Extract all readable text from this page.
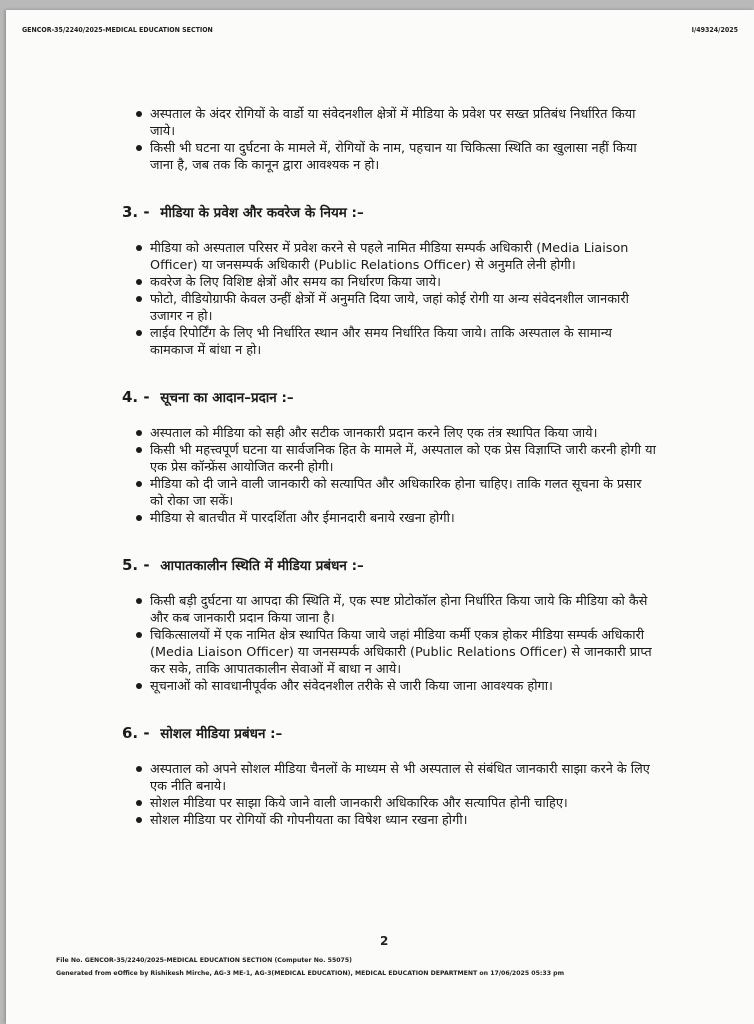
GENCOR-35/2240/2025-MEDICAL EDUCATION SECTION	I/49324/2025
अस्पताल के अंदर रोगियों के वार्डो या संवेदनशील क्षेत्रों में मीडिया के प्रवेश पर सख्त प्रतिबंध निर्धारित किया जाये।
किसी भी घटना या दुर्घटना के मामले में, रोगियों के नाम, पहचान या चिकित्सा स्थिति का खुलासा नहीं किया जाना है, जब तक कि कानून द्वारा आवश्यक न हो।
3. - मीडिया के प्रवेश और कवरेज के नियम :–
मीडिया को अस्पताल परिसर में प्रवेश करने से पहले नामित मीडिया सम्पर्क अधिकारी (Media Liaison Officer) या जनसम्पर्क अधिकारी (Public Relations Officer) से अनुमति लेनी होगी।
कवरेज के लिए विशिष्ट क्षेत्रों और समय का निर्धारण किया जाये।
फोटो, वीडियोग्राफी केवल उन्हीं क्षेत्रों में अनुमति दिया जाये, जहां कोई रोगी या अन्य संवेदनशील जानकारी उजागर न हो।
लाईव रिपोर्टिंग के लिए भी निर्धारित स्थान और समय निर्धारित किया जाये। ताकि अस्पताल के सामान्य कामकाज में बांधा न हो।
4. - सूचना का आदान–प्रदान :–
अस्पताल को मीडिया को सही और सटीक जानकारी प्रदान करने लिए एक तंत्र स्थापित किया जाये।
किसी भी महत्त्वपूर्ण घटना या सार्वजनिक हित के मामले में, अस्पताल को एक प्रेस विज्ञाप्ति जारी करनी होगी या एक प्रेस कॉन्फ्रेंस आयोजित करनी होगी।
मीडिया को दी जाने वाली जानकारी को सत्यापित और अधिकारिक होना चाहिए। ताकि गलत सूचना के प्रसार को रोका जा सकें।
मीडिया से बातचीत में पारदर्शिता और ईमानदारी बनाये रखना होगी।
5. - आपातकालीन स्थिति में मीडिया प्रबंधन :–
किसी बड़ी दुर्घटना या आपदा की स्थिति में, एक स्पष्ट प्रोटोकॉल होना निर्धारित किया जाये कि मीडिया को कैसे और कब जानकारी प्रदान किया जाना है।
चिकित्सालयों में एक नामित क्षेत्र स्थापित किया जाये जहां मीडिया कर्मी एकत्र होकर मीडिया सम्पर्क अधिकारी (Media Liaison Officer) या जनसम्पर्क अधिकारी (Public Relations Officer) से जानकारी प्राप्त कर सके, ताकि आपातकालीन सेवाओं में बाधा न आये।
सूचनाओं को सावधानीपूर्वक और संवेदनशील तरीके से जारी किया जाना आवश्यक होगा।
6. - सोशल मीडिया प्रबंधन :–
अस्पताल को अपने सोशल मीडिया चैनलों के माध्यम से भी अस्पताल से संबंधित जानकारी साझा करने के लिए एक नीति बनाये।
सोशल मीडिया पर साझा किये जाने वाली जानकारी अधिकारिक और सत्यापित होनी चाहिए।
सोशल मीडिया पर रोगियों की गोपनीयता का विषेश ध्यान रखना होगी।
2
File No. GENCOR-35/2240/2025-MEDICAL EDUCATION SECTION (Computer No. 55075)
Generated from eOffice by Rishikesh Mirche, AG-3 ME-1, AG-3(MEDICAL EDUCATION), MEDICAL EDUCATION DEPARTMENT on 17/06/2025 05:33 pm
